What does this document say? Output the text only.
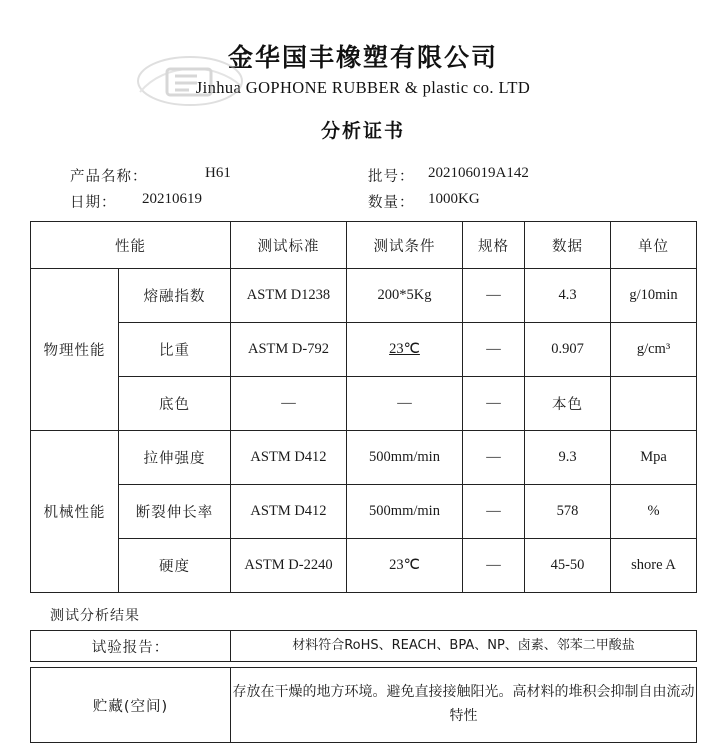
金华国丰橡塑有限公司
Jinhua GOPHONE RUBBER & plastic co. LTD
分析证书
产品名称：	H61	批号： 202106019A142
日期： 20210619	数量： 1000KG
性能		测试标准	测试条件	规格	数据	单位
物理性能	熔融指数	ASTM D1238	200*5Kg	—	4.3	g/10min
	比重	ASTM D-792	23℃	—	0.907	g/cm³
	底色	—	—	—	本色	
机械性能	拉伸强度	ASTM D412	500mm/min	—	9.3	Mpa
	断裂伸长率	ASTM D412	500mm/min	—	578	%
	硬度	ASTM D-2240	23℃	—	45-50	shore A
测试分析结果
试验报告：	材料符合RoHS、REACH、BPA、NP、卤素、邻苯二甲酸盐
贮藏(空间)	存放在干燥的地方环境。避免直接接触阳光。高材料的堆积会抑制自由流动特性
